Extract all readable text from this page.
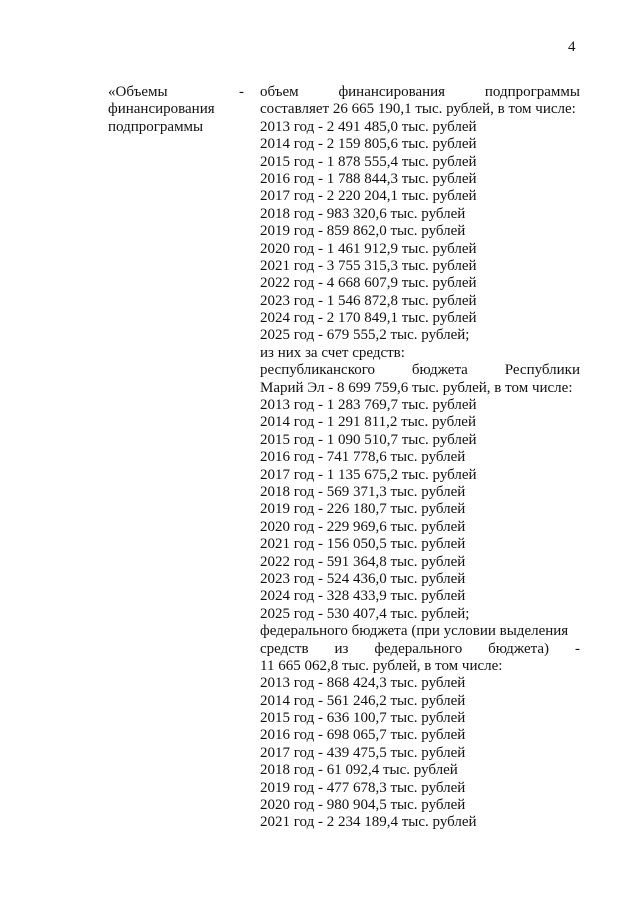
4
«Объемы
финансирования
подпрограммы
- объем	финансирования	подпрограммы
составляет 26 665 190,1 тыс. рублей, в том числе:
2013 год - 2 491 485,0 тыс. рублей
2014 год - 2 159 805,6 тыс. рублей
2015 год - 1 878 555,4 тыс. рублей
2016 год - 1 788 844,3 тыс. рублей
2017 год - 2 220 204,1 тыс. рублей
2018 год - 983 320,6 тыс. рублей
2019 год - 859 862,0 тыс. рублей
2020 год - 1 461 912,9 тыс. рублей
2021 год - 3 755 315,3 тыс. рублей
2022 год - 4 668 607,9 тыс. рублей
2023 год - 1 546 872,8 тыс. рублей
2024 год - 2 170 849,1 тыс. рублей
2025 год - 679 555,2 тыс. рублей;
из них за счет средств:
республиканского бюджета Республики
Марий Эл - 8 699 759,6 тыс. рублей, в том числе:
2013 год - 1 283 769,7 тыс. рублей
2014 год - 1 291 811,2 тыс. рублей
2015 год - 1 090 510,7 тыс. рублей
2016 год - 741 778,6 тыс. рублей
2017 год - 1 135 675,2 тыс. рублей
2018 год - 569 371,3 тыс. рублей
2019 год - 226 180,7 тыс. рублей
2020 год - 229 969,6 тыс. рублей
2021 год - 156 050,5 тыс. рублей
2022 год - 591 364,8 тыс. рублей
2023 год - 524 436,0 тыс. рублей
2024 год - 328 433,9 тыс. рублей
2025 год - 530 407,4 тыс. рублей;
федерального бюджета (при условии выделения
средств из федерального бюджета) -
11 665 062,8 тыс. рублей, в том числе:
2013 год - 868 424,3 тыс. рублей
2014 год - 561 246,2 тыс. рублей
2015 год - 636 100,7 тыс. рублей
2016 год - 698 065,7 тыс. рублей
2017 год - 439 475,5 тыс. рублей
2018 год - 61 092,4 тыс. рублей
2019 год - 477 678,3 тыс. рублей
2020 год - 980 904,5 тыс. рублей
2021 год - 2 234 189,4 тыс. рублей
